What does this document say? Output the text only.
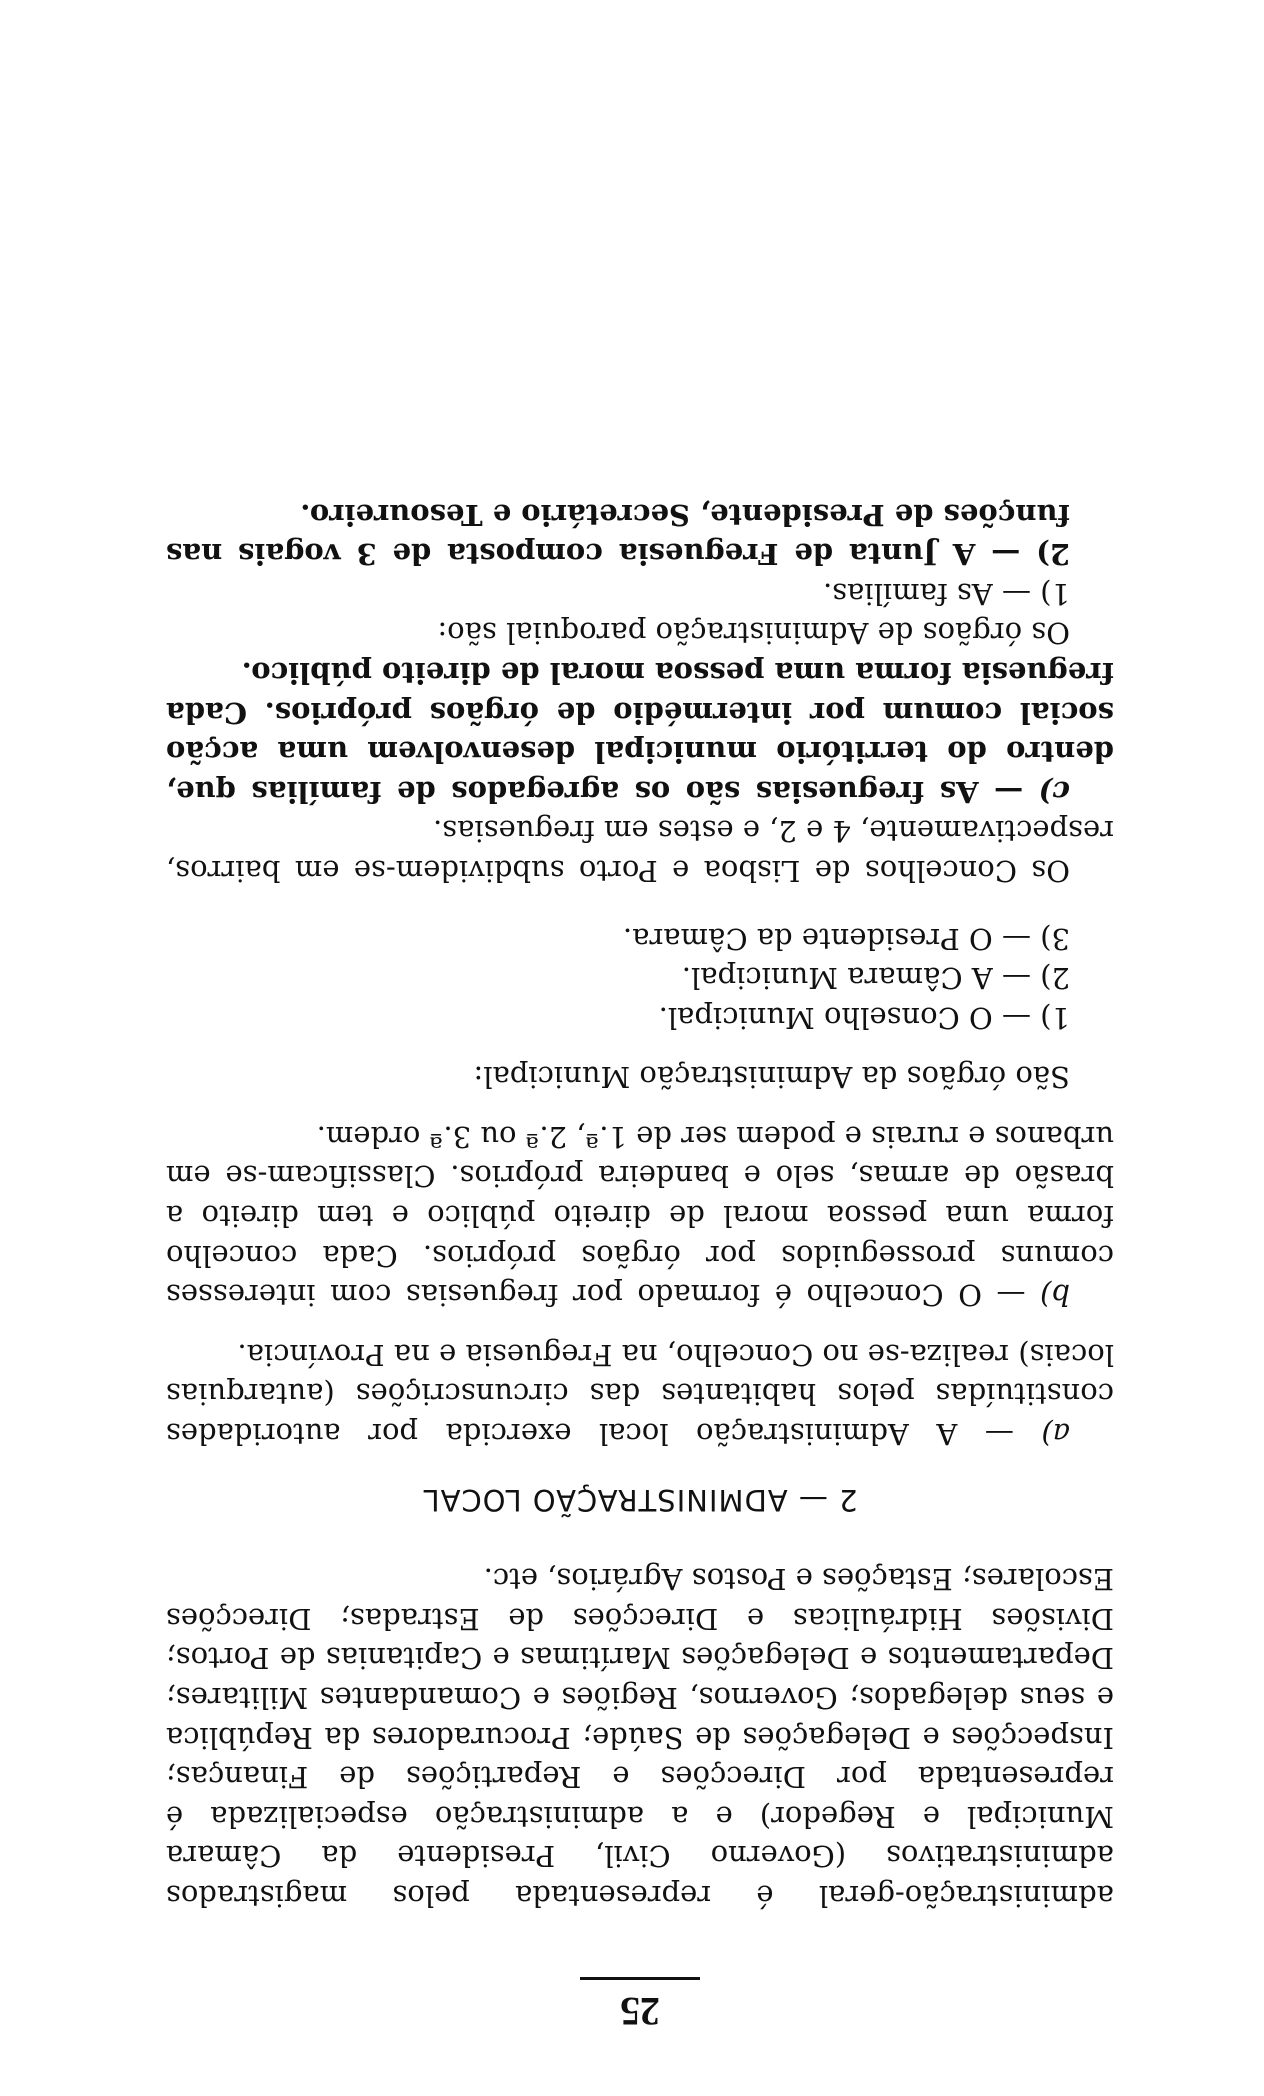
25

administração-geral é representada pelos magistrados administrativos (Governo Civil, Presidente da Câmara Municipal e Regedor) e a administração especializada é representada por Direcções e Repartições de Finanças; Inspecções e Delegações de Saúde; Procuradores da República e seus delegados; Governos, Regiões e Comandantes Militares; Departamentos e Delegações Marítimas e Capitanias de Portos; Divisões Hidráulicas e Direcções de Estradas; Direcções Escolares; Estações e Postos Agrários, etc.

2 — ADMINISTRAÇÃO LOCAL

a) — A Administração local exercida por autoridades constituídas pelos habitantes das circunscrições (autarquias locais) realiza-se no Concelho, na Freguesia e na Província.

b) — O Concelho é formado por freguesias com interesses comuns prosseguidos por órgãos próprios. Cada concelho forma uma pessoa moral de direito público e tem direito a brasão de armas, selo e bandeira próprios. Classificam-se em urbanos e rurais e podem ser de 1.ª, 2.ª ou 3.ª ordem.

São órgãos da Administração Municipal:

1) — O Conselho Municipal.
2) — A Câmara Municipal.
3) — O Presidente da Câmara.

Os Concelhos de Lisboa e Porto subdividem-se em bairros, respectivamente, 4 e 2, e estes em freguesias.

c) — As freguesias são os agregados de famílias que, dentro do território municipal desenvolvem uma acção social comum por intermédio de órgãos próprios. Cada freguesia forma uma pessoa moral de direito público.

Os órgãos de Administração paroquial são:

1) — As famílias.
2) — A Junta de Freguesia composta de 3 vogais nas funções de Presidente, Secretário e Tesoureiro.
